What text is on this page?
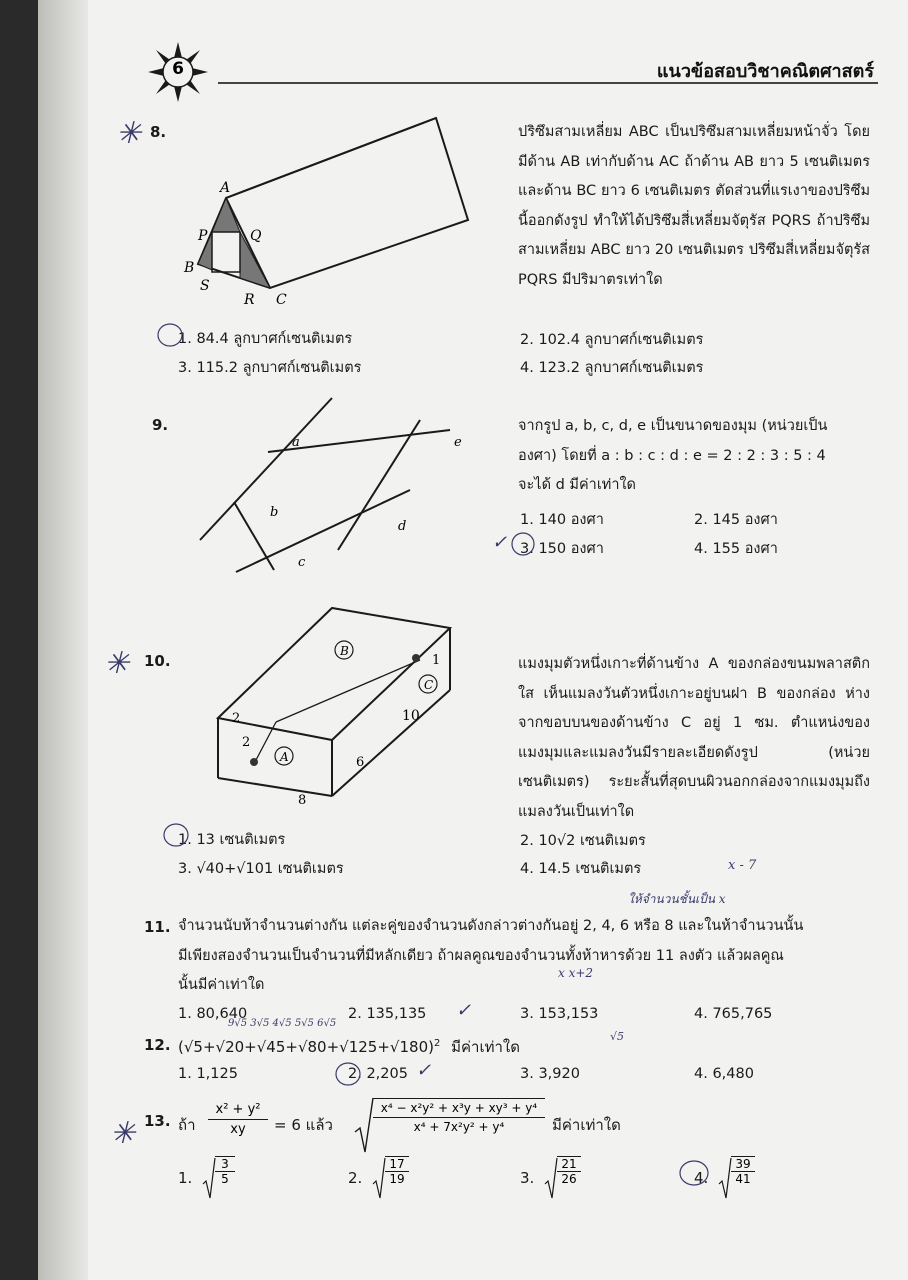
6	แนวข้อสอบวิชาคณิตศาสตร์
✳ 8.
A
B
C
P	Q
R
S
ปริซึมสามเหลี่ยม ABC เป็นปริซึมสามเหลี่ยมหน้าจั่ว โดยมีด้าน AB เท่ากับด้าน AC ถ้าด้าน AB ยาว 5 เซนติเมตร และด้าน BC ยาว 6 เซนติเมตร ตัดส่วนที่แรเงาของปริซึมนี้ออกดังรูป ทำให้ได้ปริซึมสี่เหลี่ยมจัตุรัส PQRS ถ้าปริซึมสามเหลี่ยม ABC ยาว 20 เซนติเมตร ปริซึมสี่เหลี่ยมจัตุรัส PQRS มีปริมาตรเท่าใด
1. 84.4 ลูกบาศก์เซนติเมตร	2. 102.4 ลูกบาศก์เซนติเมตร
3. 115.2 ลูกบาศก์เซนติเมตร	4. 123.2 ลูกบาศก์เซนติเมตร
9.
a
b
c
d
e
จากรูป a, b, c, d, e เป็นขนาดของมุม (หน่วยเป็น
องศา) โดยที่ a : b : c : d : e = 2 : 2 : 3 : 5 : 4
จะได้ d มีค่าเท่าใด
1. 140 องศา	2. 145 องศา
3. 150 องศา	4. 155 องศา
✓
✳ 10.
B
C
A
2
2
1
10
6
8
แมงมุมตัวหนึ่งเกาะที่ด้านข้าง A ของกล่องขนมพลาสติกใส เห็นแมลงวันตัวหนึ่งเกาะอยู่บนฝา B ของกล่อง ห่างจากขอบบนของด้านข้าง C อยู่ 1 ซม. ตำแหน่งของแมงมุมและแมลงวันมีรายละเอียดดังรูป (หน่วยเซนติเมตร) ระยะสั้นที่สุดบนผิวนอกกล่องจากแมงมุมถึงแมลงวันเป็นเท่าใด
1. 13 เซนติเมตร	2. 10√2 เซนติเมตร
3. √40+√101 เซนติเมตร	4. 14.5 เซนติเมตร	x - 7
ให้จำนวนชั้นเป็น x
11. จำนวนนับห้าจำนวนต่างกัน แต่ละคู่ของจำนวนดังกล่าวต่างกันอยู่ 2, 4, 6 หรือ 8 และในห้าจำนวนนั้น
มีเพียงสองจำนวนเป็นจำนวนที่มีหลักเดียว ถ้าผลคูณของจำนวนทั้งห้าหารด้วย 11 ลงตัว แล้วผลคูณ
นั้นมีค่าเท่าใด
x x+2
1. 80,640	2. 135,135	3. 153,153	4. 765,765
✓
12. $(√5+√20+√45+√80+√125+√180)^2$ มีค่าเท่าใด
9√5 3√5 4√5 5√5 6√5
√5
1. 1,125	2. 2,205	3. 3,920	4. 6,480
✓
✳ 13. ถ้า $\frac{\text{x² + y²}}{xy} = 6$ แล้ว	$\frac{\text{x⁴ − x²y² + x³y + xy³ + y⁴}}{\text{x⁴ + 7x²y² + y⁴}}$ มีค่าเท่าใด
1. $\frac{3}{5}$	2. $\frac{17}{19}$	3. $\frac{21}{26}$	4. $\frac{39}{41}$
